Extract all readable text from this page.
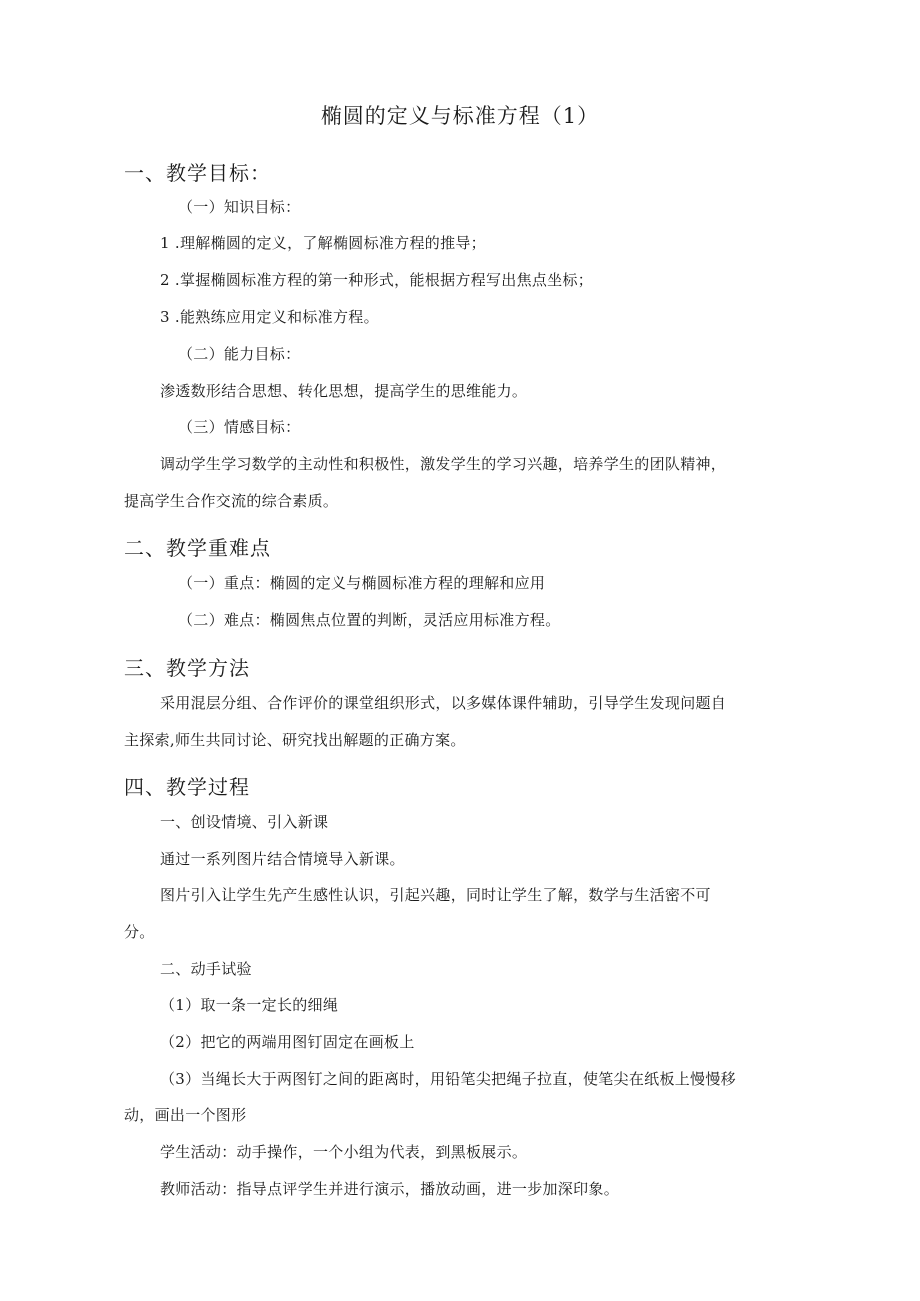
椭圆的定义与标准方程（1）
一、教学目标：
（一）知识目标：
1 .理解椭圆的定义，了解椭圆标准方程的推导；
2 .掌握椭圆标准方程的第一种形式，能根据方程写出焦点坐标；
3 .能熟练应用定义和标准方程。
（二）能力目标：
渗透数形结合思想、转化思想，提高学生的思维能力。
（三）情感目标：
调动学生学习数学的主动性和积极性，激发学生的学习兴趣，培养学生的团队精神，
提高学生合作交流的综合素质。
二、教学重难点
（一）重点：椭圆的定义与椭圆标准方程的理解和应用
（二）难点：椭圆焦点位置的判断，灵活应用标准方程。
三、教学方法
采用混层分组、合作评价的课堂组织形式，以多媒体课件辅助，引导学生发现问题自
主探索,师生共同讨论、研究找出解题的正确方案。
四、教学过程
一、创设情境、引入新课
通过一系列图片结合情境导入新课。
图片引入让学生先产生感性认识，引起兴趣，同时让学生了解，数学与生活密不可
分。
二、动手试验
（1）取一条一定长的细绳
（2）把它的两端用图钉固定在画板上
（3）当绳长大于两图钉之间的距离时，用铅笔尖把绳子拉直，使笔尖在纸板上慢慢移
动，画出一个图形
学生活动：动手操作，一个小组为代表，到黑板展示。
教师活动：指导点评学生并进行演示，播放动画，进一步加深印象。
